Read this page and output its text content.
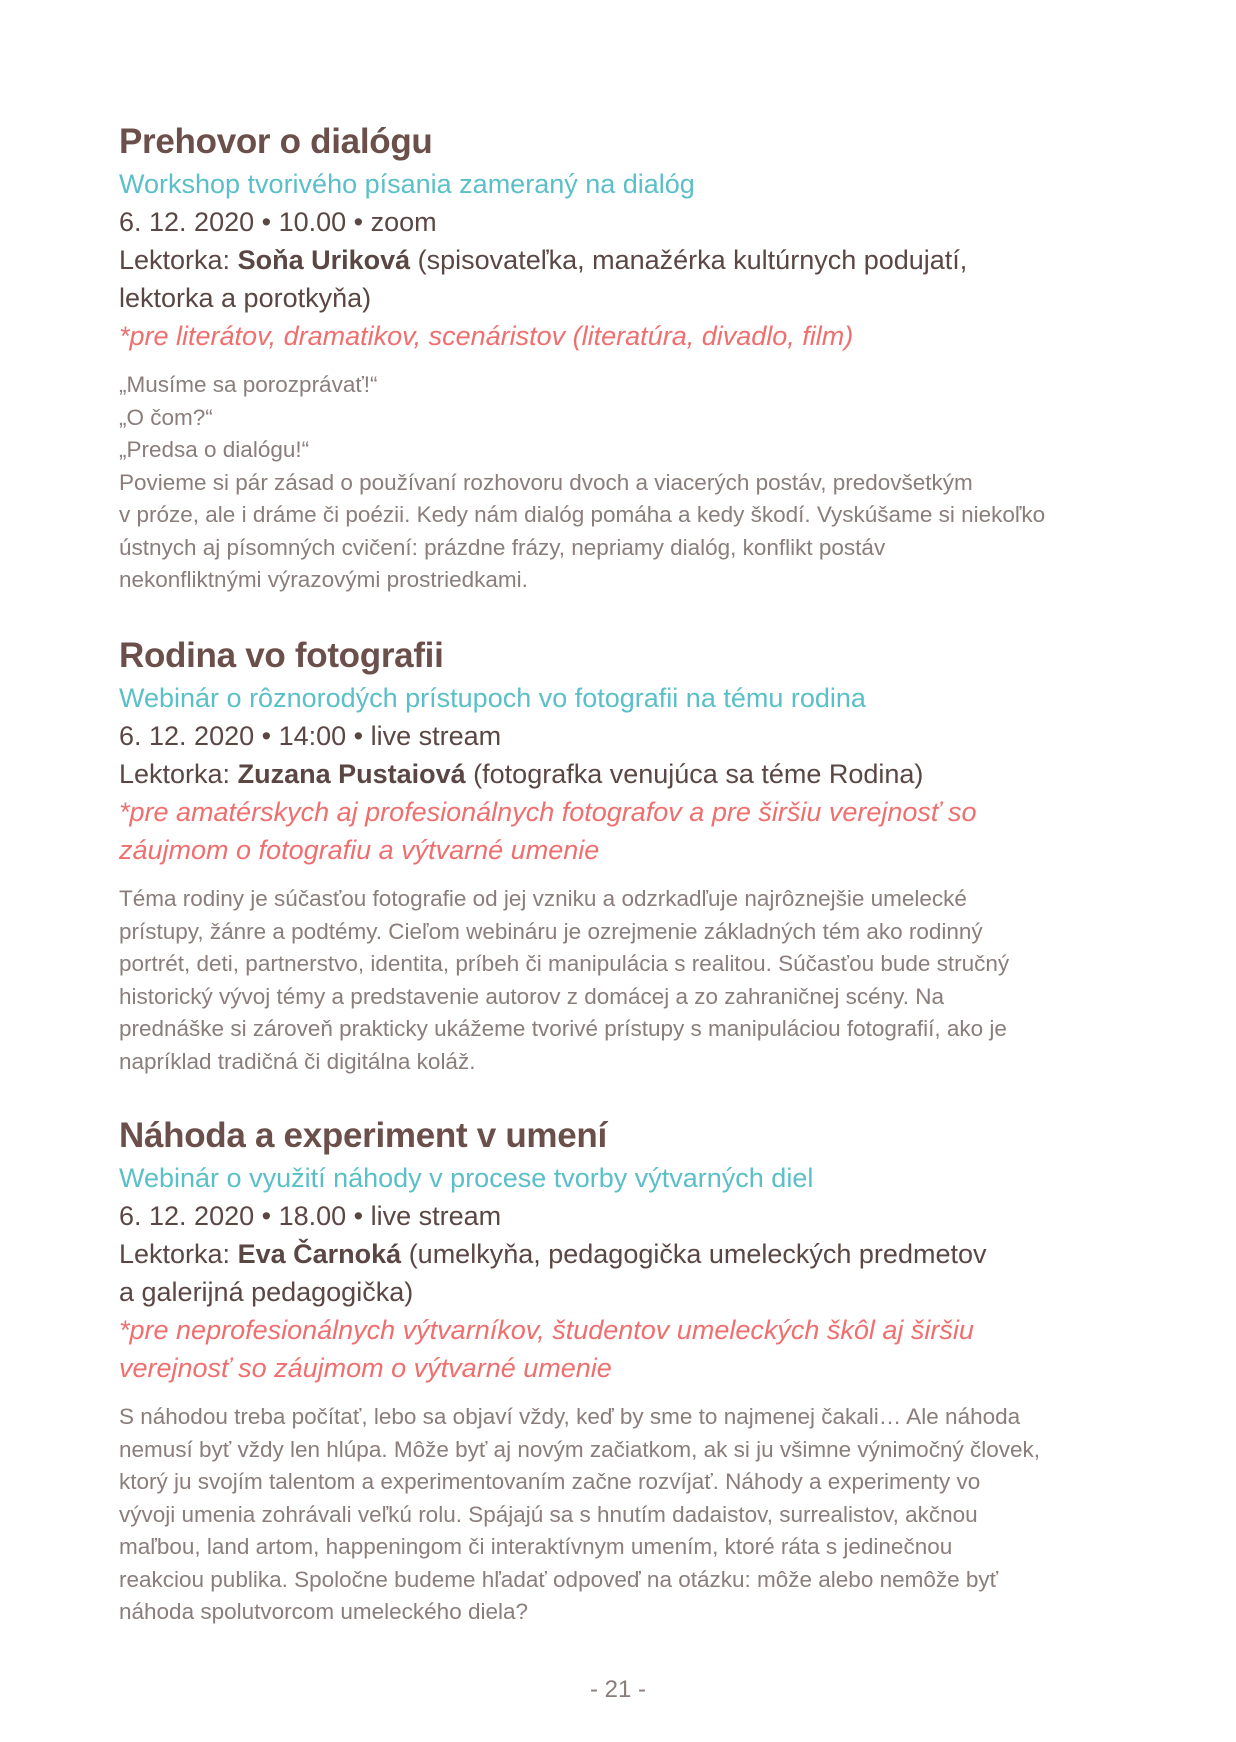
Prehovor o dialógu
Workshop tvorivého písania zameraný na dialóg
6. 12. 2020 • 10.00 • zoom
Lektorka: Soňa Uriková (spisovateľka, manažérka kultúrnych podujatí,
lektorka a porotkyňa)
*pre literátov, dramatikov, scenáristov (literatúra, divadlo, film)
„Musíme sa porozprávať!“
„O čom?“
„Predsa o dialógu!“
Povieme si pár zásad o používaní rozhovoru dvoch a viacerých postáv, predovšetkým
v próze, ale i dráme či poézii. Kedy nám dialóg pomáha a kedy škodí. Vyskúšame si niekoľko
ústnych aj písomných cvičení: prázdne frázy, nepriamy dialóg, konflikt postáv
nekonfliktnými výrazovými prostriedkami.
Rodina vo fotografii
Webinár o rôznorodých prístupoch vo fotografii na tému rodina
6. 12. 2020 • 14:00 • live stream
Lektorka: Zuzana Pustaiová (fotografka venujúca sa téme Rodina)
*pre amatérskych aj profesionálnych fotografov a pre širšiu verejnosť so
záujmom o fotografiu a výtvarné umenie
Téma rodiny je súčasťou fotografie od jej vzniku a odzrkadľuje najrôznejšie umelecké
prístupy, žánre a podtémy. Cieľom webináru je ozrejmenie základných tém ako rodinný
portrét, deti, partnerstvo, identita, príbeh či manipulácia s realitou. Súčasťou bude stručný
historický vývoj témy a predstavenie autorov z domácej a zo zahraničnej scény. Na
prednáške si zároveň prakticky ukážeme tvorivé prístupy s manipuláciou fotografií, ako je
napríklad tradičná či digitálna koláž.
Náhoda a experiment v umení
Webinár o využití náhody v procese tvorby výtvarných diel
6. 12. 2020 • 18.00 • live stream
Lektorka: Eva Čarnoká (umelkyňa, pedagogička umeleckých predmetov
a galerijná pedagogička)
*pre neprofesionálnych výtvarníkov, študentov umeleckých škôl aj širšiu
verejnosť so záujmom o výtvarné umenie
S náhodou treba počítať, lebo sa objaví vždy, keď by sme to najmenej čakali… Ale náhoda
nemusí byť vždy len hlúpa. Môže byť aj novým začiatkom, ak si ju všimne výnimočný človek,
ktorý ju svojím talentom a experimentovaním začne rozvíjať. Náhody a experimenty vo
vývoji umenia zohrávali veľkú rolu. Spájajú sa s hnutím dadaistov, surrealistov, akčnou
maľbou, land artom, happeningom či interaktívnym umením, ktoré ráta s jedinečnou
reakciou publika. Spoločne budeme hľadať odpoveď na otázku: môže alebo nemôže byť
náhoda spolutvorcom umeleckého diela?
- 21 -
